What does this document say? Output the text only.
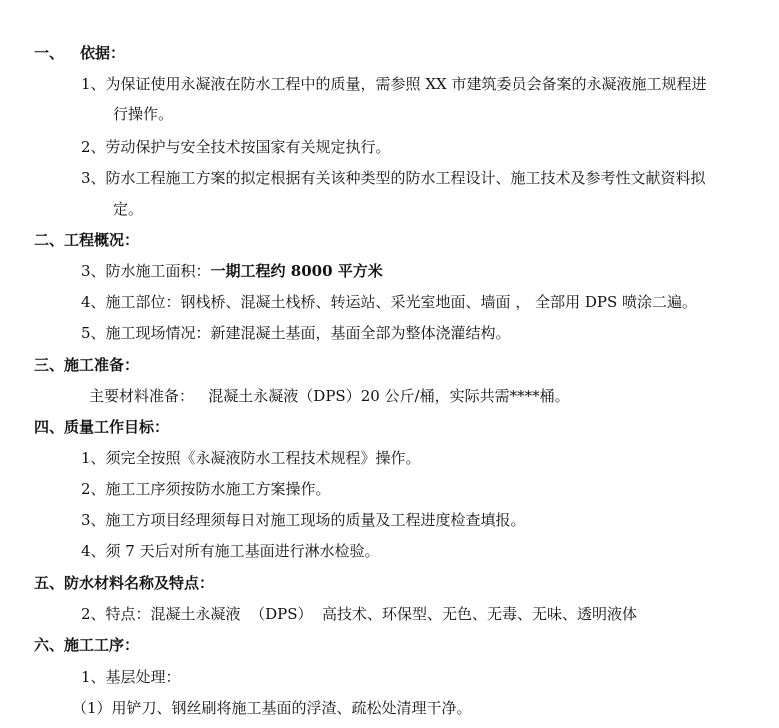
一、 依据：
1、为保证使用永凝液在防水工程中的质量，需参照 XX 市建筑委员会备案的永凝液施工规程进
行操作。
2、劳动保护与安全技术按国家有关规定执行。
3、防水工程施工方案的拟定根据有关该种类型的防水工程设计、施工技术及参考性文献资料拟
定。
二、工程概况：
3、防水施工面积：一期工程约 8000 平方米
4、施工部位：钢栈桥、混凝土栈桥、转运站、采光室地面、墙面 ， 全部用 DPS 喷涂二遍。
5、施工现场情况：新建混凝土基面，基面全部为整体浇灌结构。
三、施工准备：
主要材料准备：   混凝土永凝液（DPS）20 公斤/桶，实际共需****桶。
四、质量工作目标：
1、须完全按照《永凝液防水工程技术规程》操作。
2、施工工序须按防水施工方案操作。
3、施工方项目经理须每日对施工现场的质量及工程进度检查填报。
4、须 7 天后对所有施工基面进行淋水检验。
五、防水材料名称及特点：
2、特点：混凝土永凝液  （DPS）  高技术、环保型、无色、无毒、无味、透明液体
六、施工工序：
1、基层处理：
（1）用铲刀、钢丝刷将施工基面的浮渣、疏松处清理干净。
